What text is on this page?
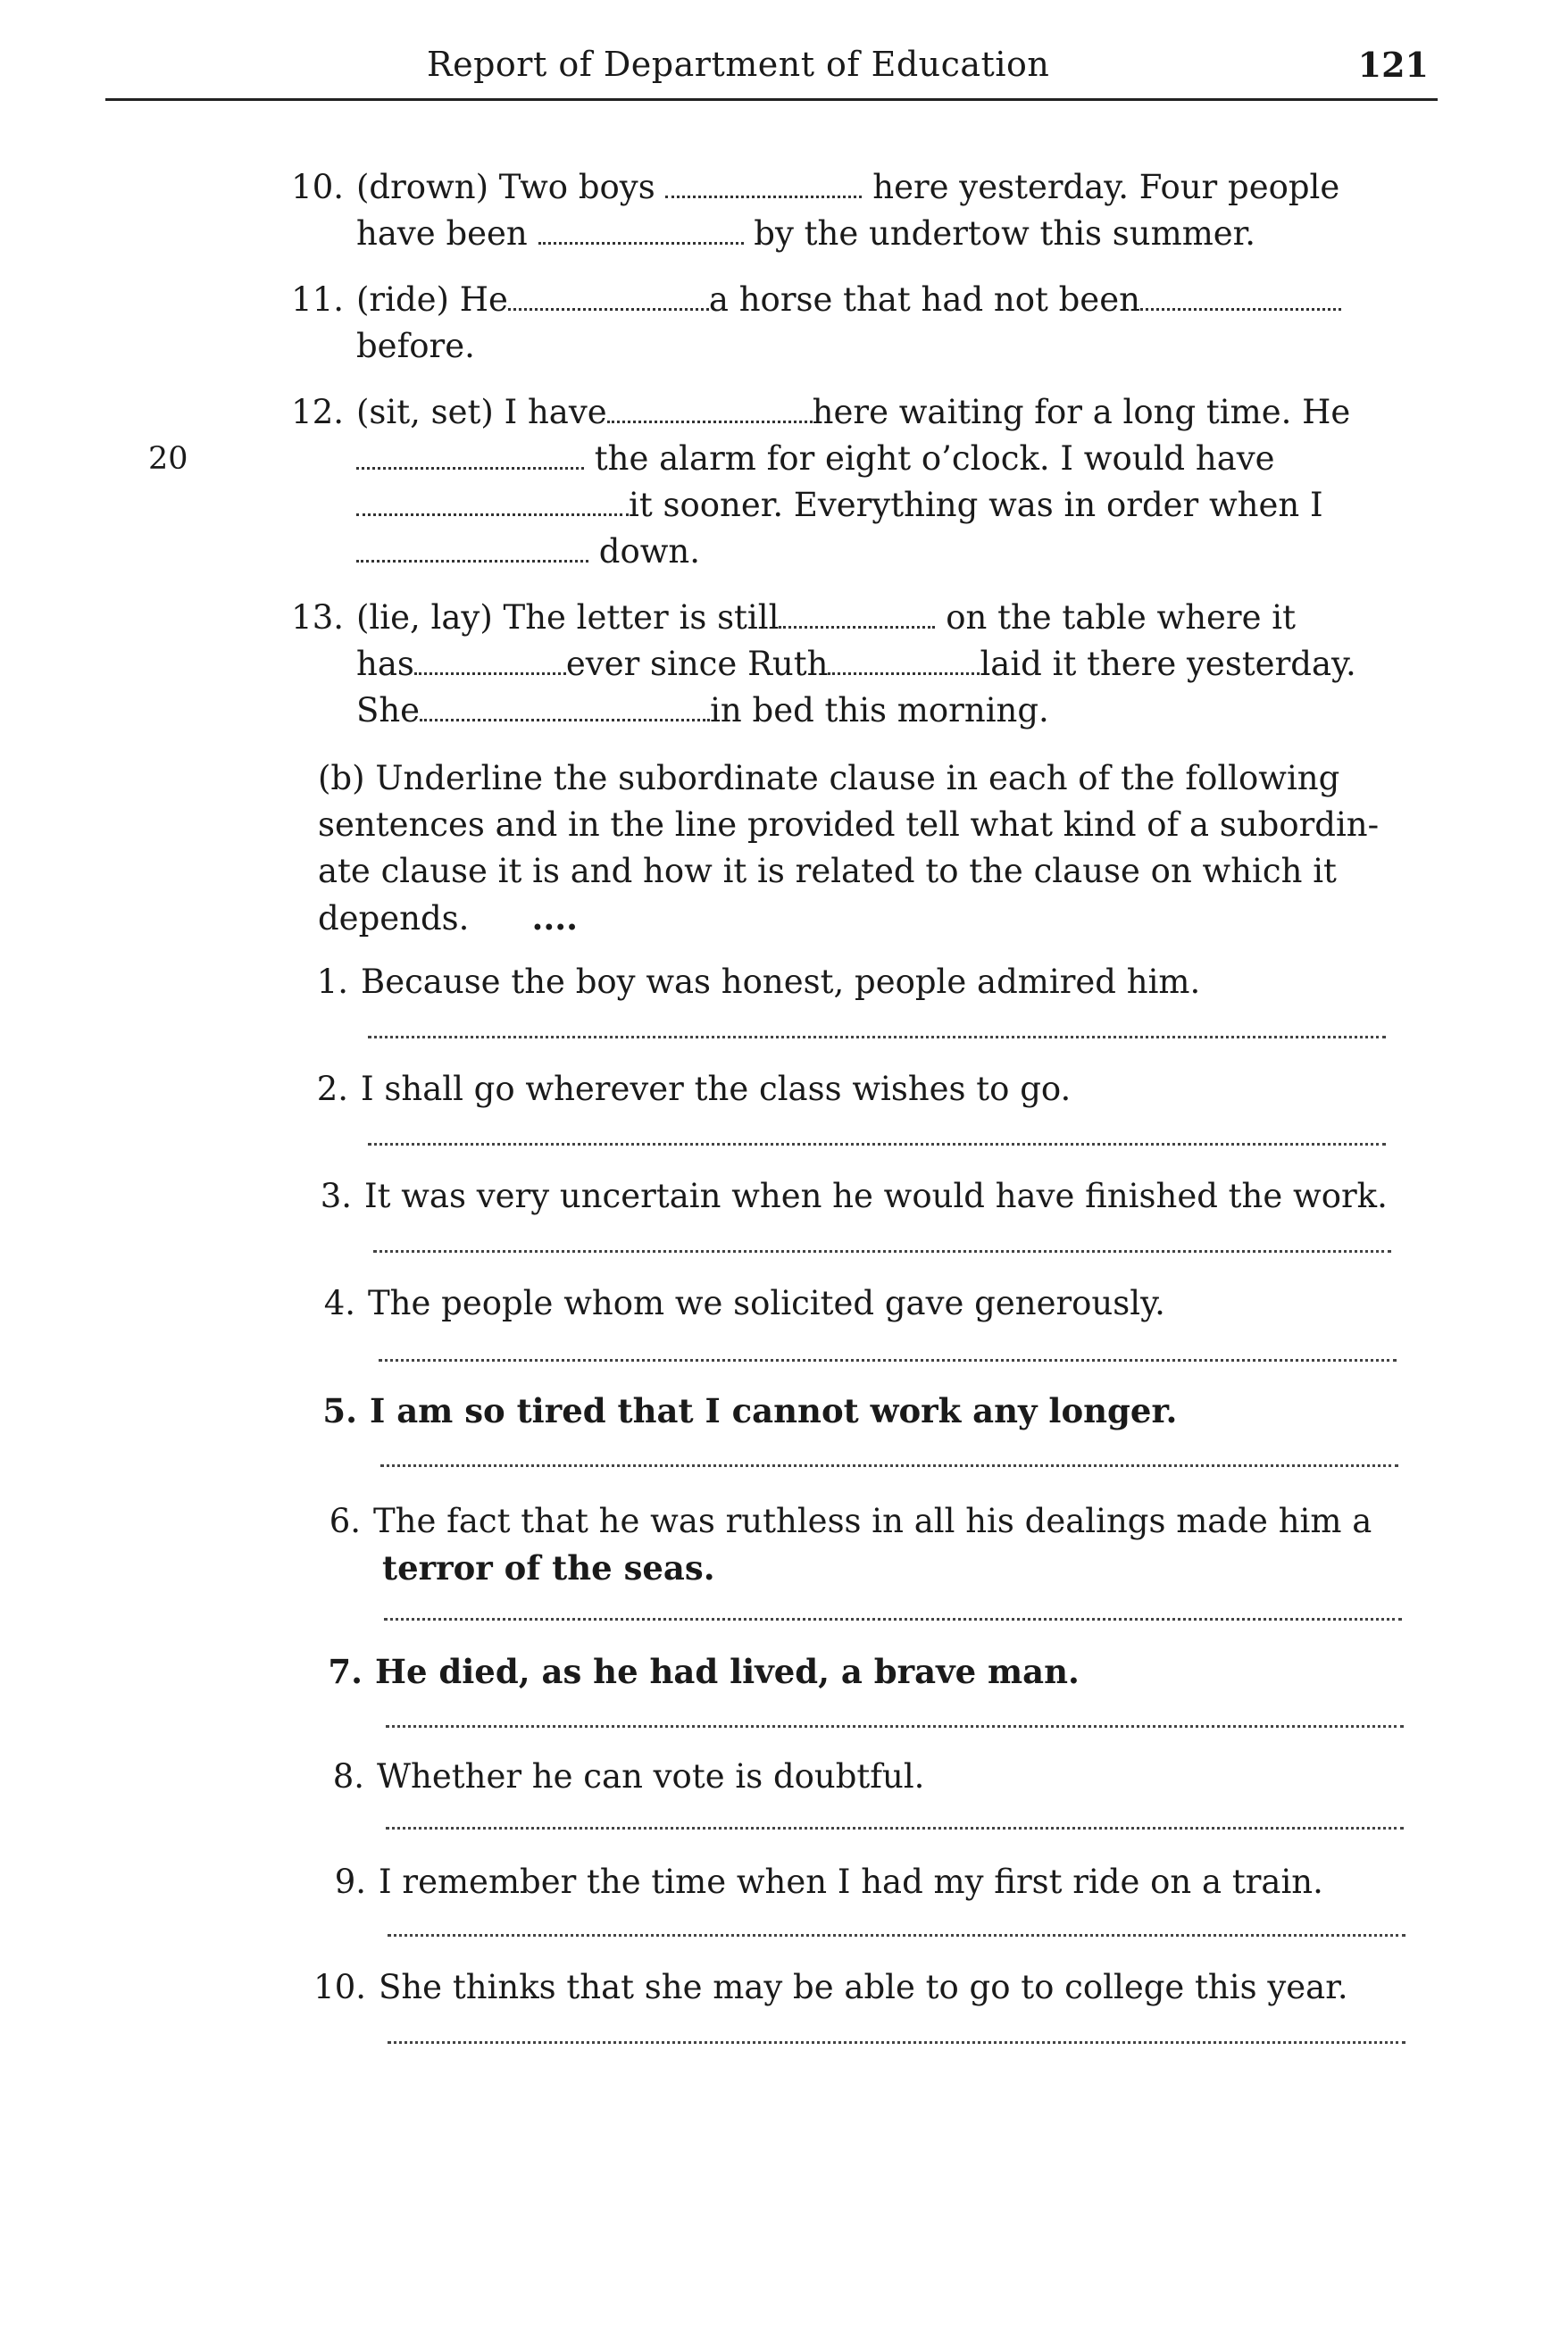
Report of Department of Education	121
20
10. (drown) Two boys	here yesterday. Four people
have been	by the undertow this summer.
11. (ride) He	a horse that had not been
before.
12. (sit, set) I have	here waiting for a long time. He
the alarm for eight o’clock. I would have
it sooner. Everything was in order when I
down.
13. (lie, lay) The letter is still	on the table where it
has	ever since Ruth	laid it there yesterday.
She	in bed this morning.
(b) Underline the subordinate clause in each of the following
sentences and in the line provided tell what kind of a subordin-
ate clause it is and how it is related to the clause on which it
depends. ....
1. Because the boy was honest, people admired him.
2. I shall go wherever the class wishes to go.
3. It was very uncertain when he would have finished the work.
4. The people whom we solicited gave generously.
5. I am so tired that I cannot work any longer.
6. The fact that he was ruthless in all his dealings made him a
terror of the seas.
7. He died, as he had lived, a brave man.
8. Whether he can vote is doubtful.
9. I remember the time when I had my first ride on a train.
10. She thinks that she may be able to go to college this year.
